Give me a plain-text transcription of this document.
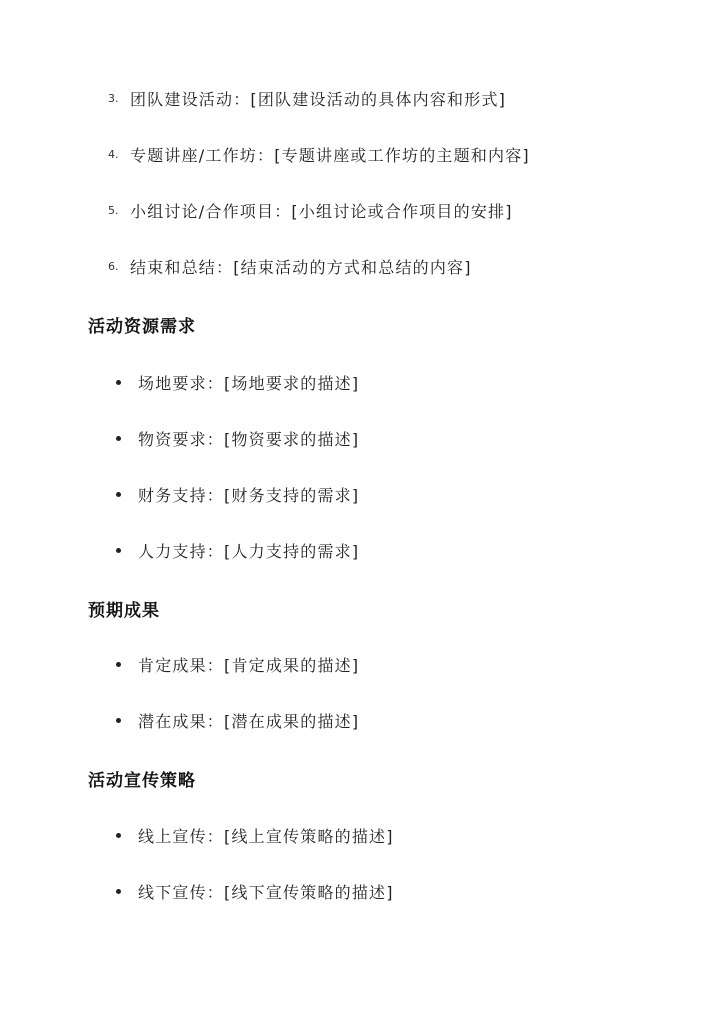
3. 团队建设活动：[团队建设活动的具体内容和形式]
4. 专题讲座/工作坊：[专题讲座或工作坊的主题和内容]
5. 小组讨论/合作项目：[小组讨论或合作项目的安排]
6. 结束和总结：[结束活动的方式和总结的内容]
活动资源需求
场地要求：[场地要求的描述]
物资要求：[物资要求的描述]
财务支持：[财务支持的需求]
人力支持：[人力支持的需求]
预期成果
肯定成果：[肯定成果的描述]
潜在成果：[潜在成果的描述]
活动宣传策略
线上宣传：[线上宣传策略的描述]
线下宣传：[线下宣传策略的描述]
